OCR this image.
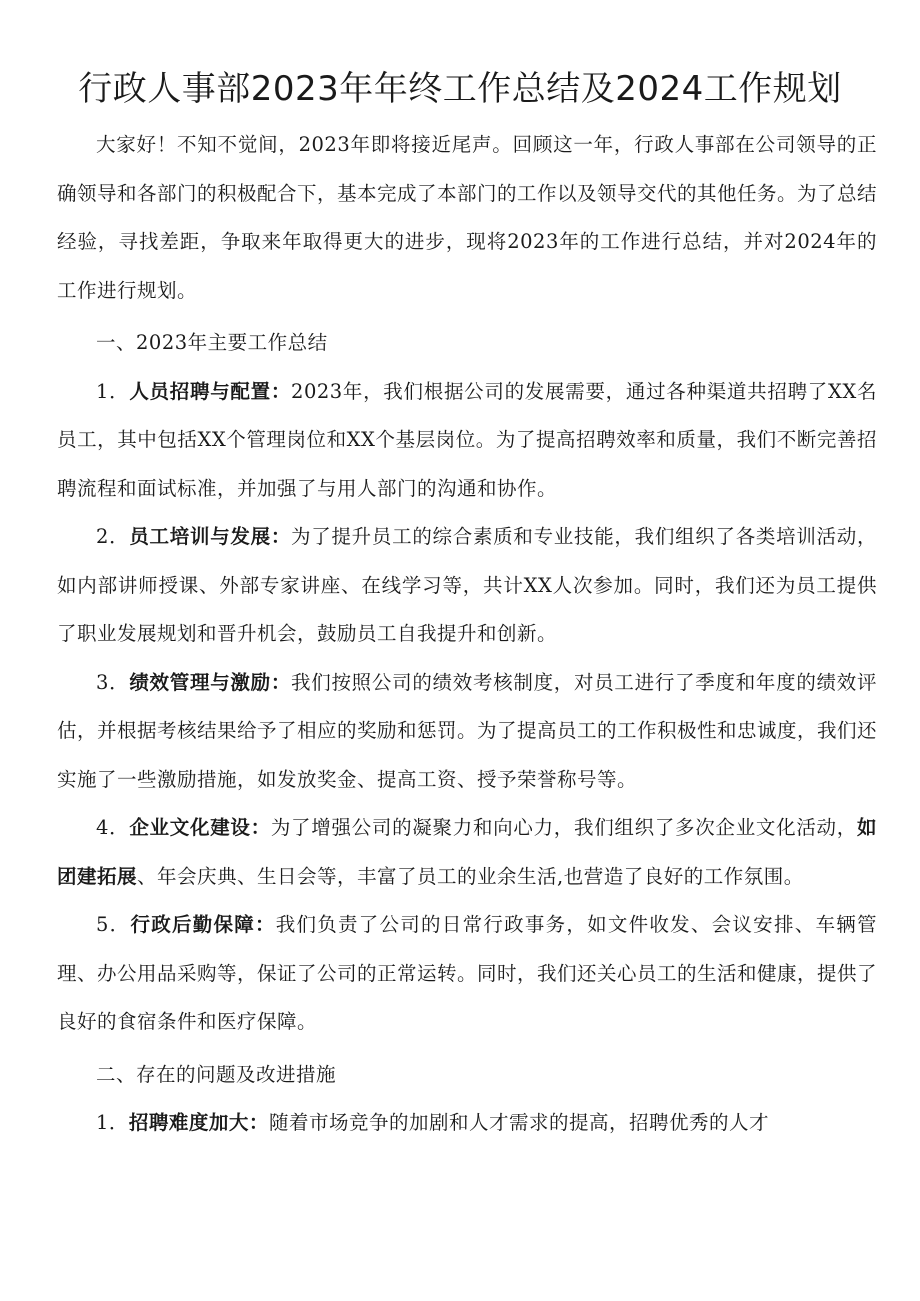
行政人事部2023年年终工作总结及2024工作规划

大家好！不知不觉间，2023年即将接近尾声。回顾这一年，行政人事部在公司领导的正确领导和各部门的积极配合下，基本完成了本部门的工作以及领导交代的其他任务。为了总结经验，寻找差距，争取来年取得更大的进步，现将2023年的工作进行总结，并对2024年的工作进行规划。

一、2023年主要工作总结

1．人员招聘与配置：2023年，我们根据公司的发展需要，通过各种渠道共招聘了XX名员工，其中包括XX个管理岗位和XX个基层岗位。为了提高招聘效率和质量，我们不断完善招聘流程和面试标准，并加强了与用人部门的沟通和协作。

2．员工培训与发展：为了提升员工的综合素质和专业技能，我们组织了各类培训活动，如内部讲师授课、外部专家讲座、在线学习等，共计XX人次参加。同时，我们还为员工提供了职业发展规划和晋升机会，鼓励员工自我提升和创新。

3．绩效管理与激励：我们按照公司的绩效考核制度，对员工进行了季度和年度的绩效评估，并根据考核结果给予了相应的奖励和惩罚。为了提高员工的工作积极性和忠诚度，我们还实施了一些激励措施，如发放奖金、提高工资、授予荣誉称号等。

4．企业文化建设：为了增强公司的凝聚力和向心力，我们组织了多次企业文化活动，如团建拓展、年会庆典、生日会等，丰富了员工的业余生活,也营造了良好的工作氛围。

5．行政后勤保障：我们负责了公司的日常行政事务，如文件收发、会议安排、车辆管理、办公用品采购等，保证了公司的正常运转。同时，我们还关心员工的生活和健康，提供了良好的食宿条件和医疗保障。

二、存在的问题及改进措施

1．招聘难度加大：随着市场竞争的加剧和人才需求的提高，招聘优秀的人才
